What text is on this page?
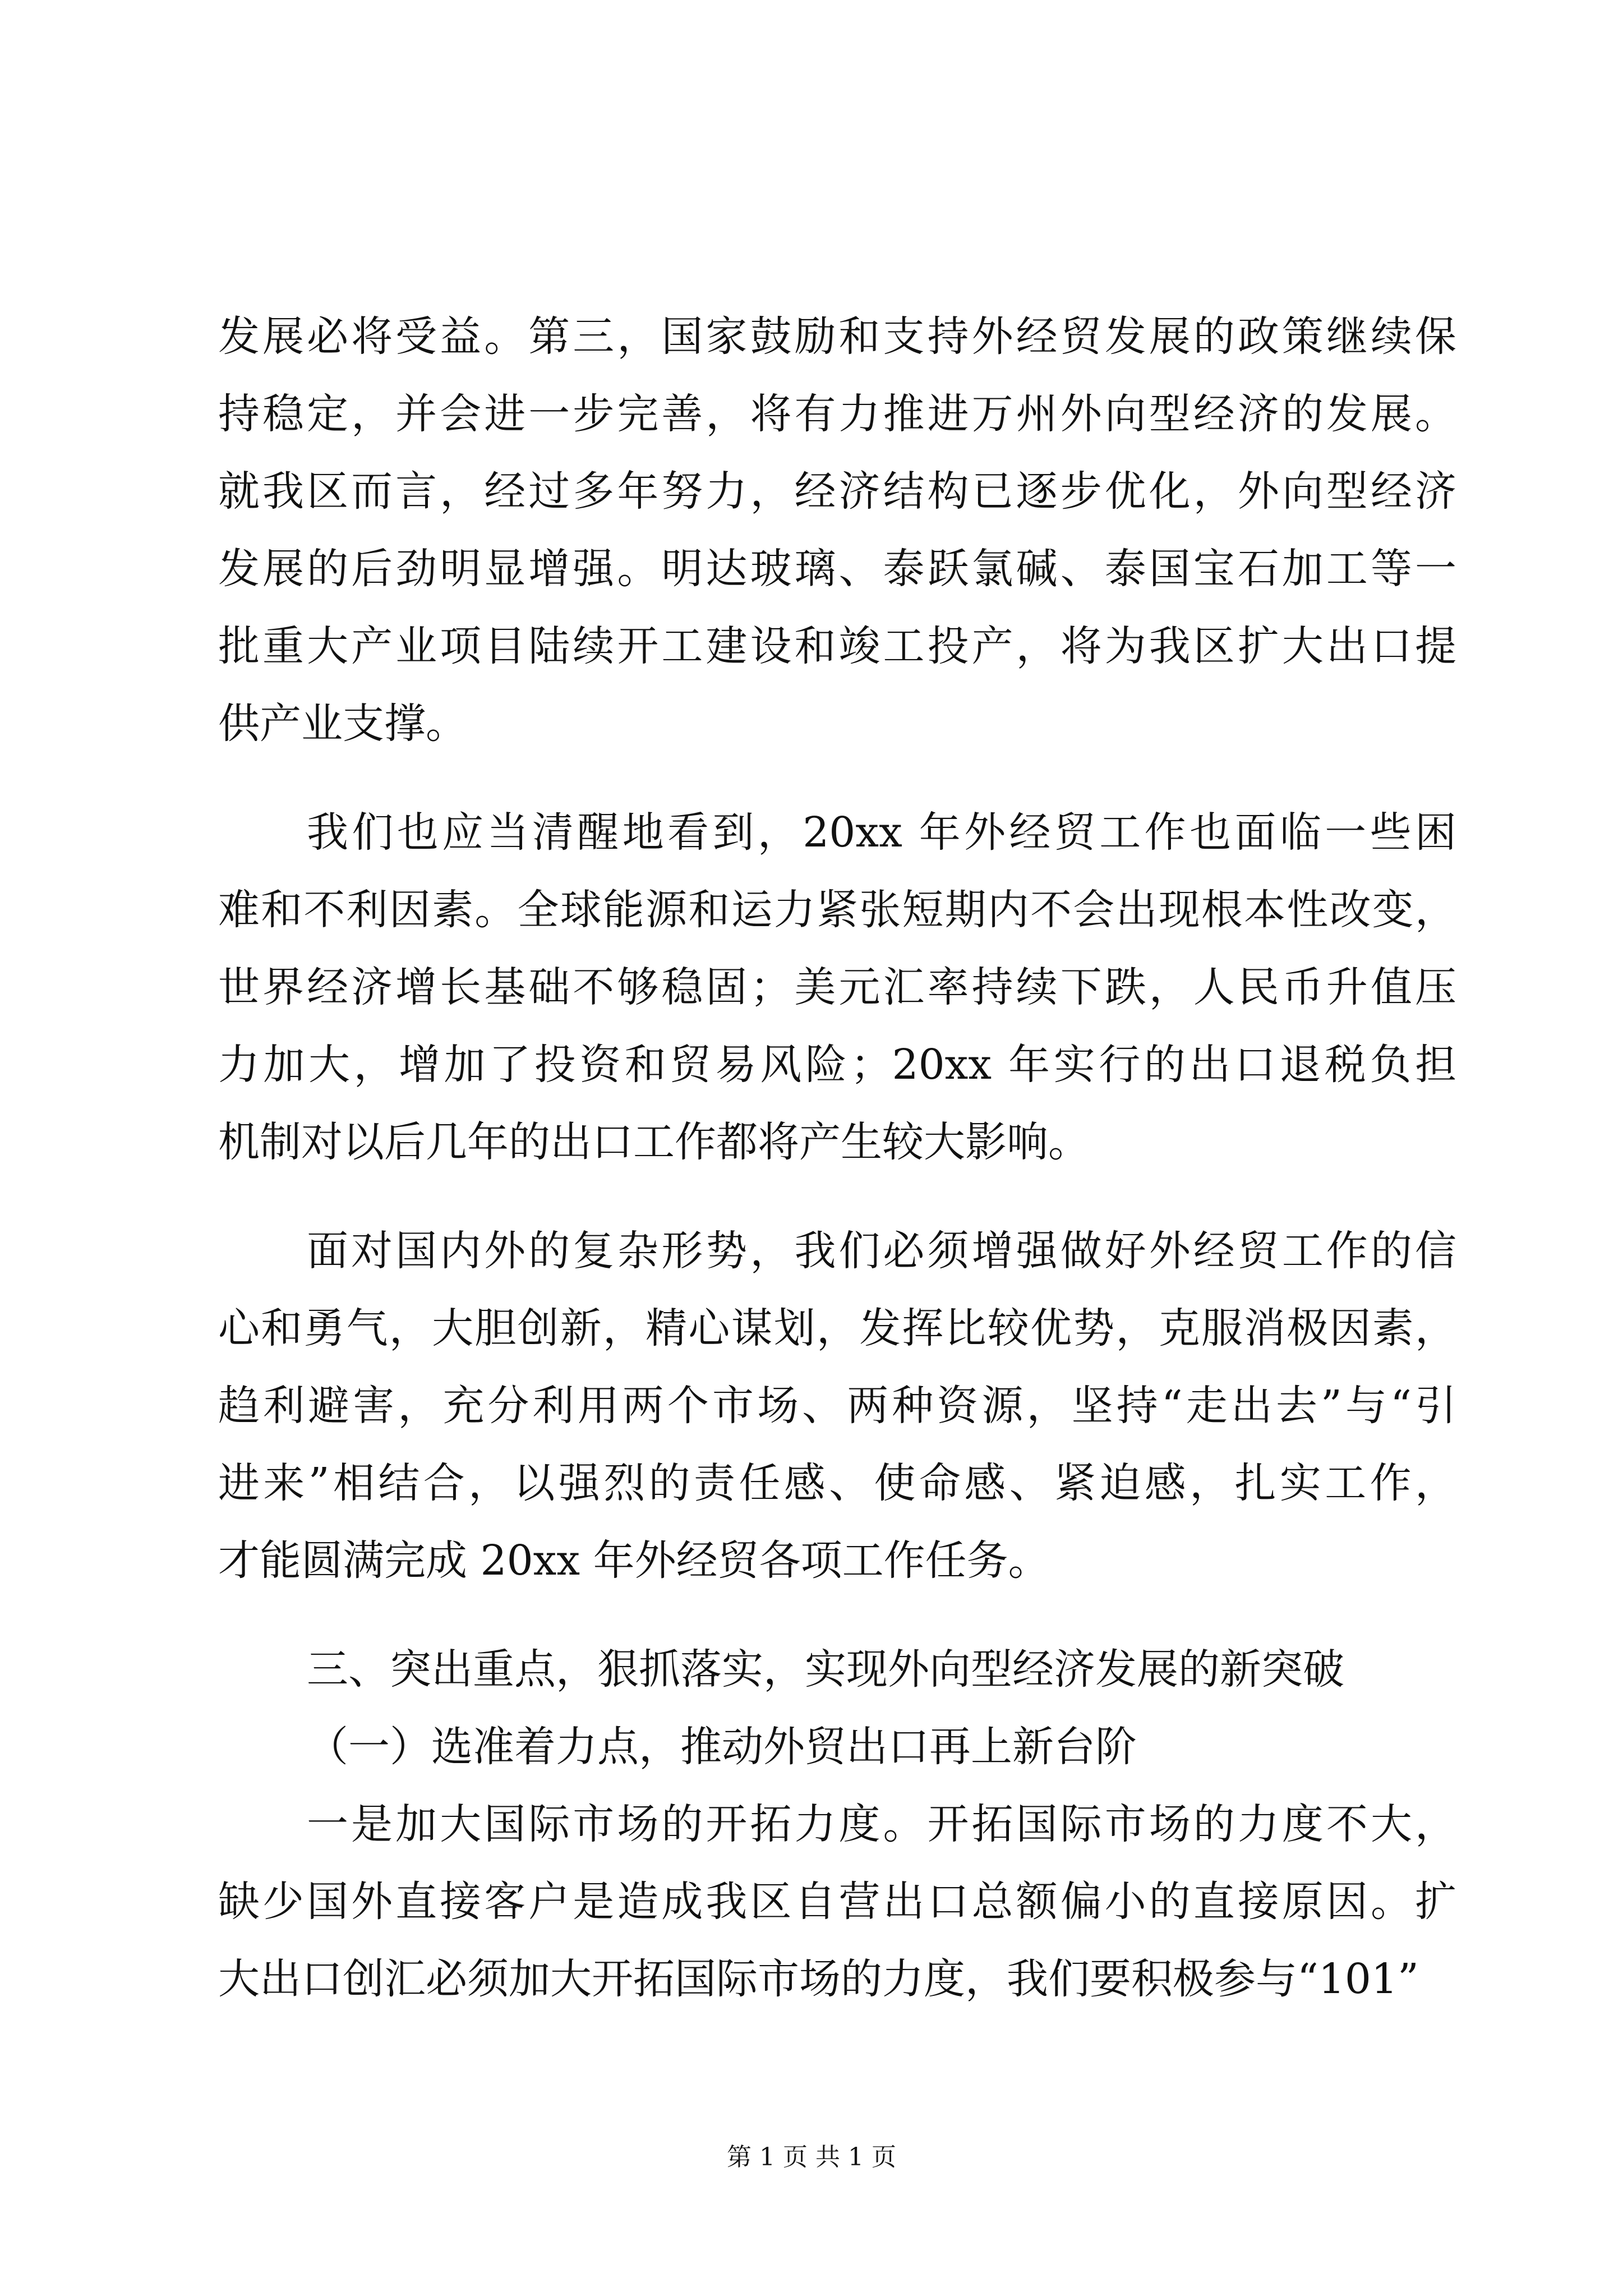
发展必将受益。第三，国家鼓励和支持外经贸发展的政策继续保
持稳定，并会进一步完善，将有力推进万州外向型经济的发展。
就我区而言，经过多年努力，经济结构已逐步优化，外向型经济
发展的后劲明显增强。明达玻璃、泰跃氯碱、泰国宝石加工等一
批重大产业项目陆续开工建设和竣工投产，将为我区扩大出口提
供产业支撑。
我们也应当清醒地看到，20xx 年外经贸工作也面临一些困
难和不利因素。全球能源和运力紧张短期内不会出现根本性改变，
世界经济增长基础不够稳固；美元汇率持续下跌，人民币升值压
力加大，增加了投资和贸易风险；20xx 年实行的出口退税负担
机制对以后几年的出口工作都将产生较大影响。
面对国内外的复杂形势，我们必须增强做好外经贸工作的信
心和勇气，大胆创新，精心谋划，发挥比较优势，克服消极因素，
趋利避害，充分利用两个市场、两种资源，坚持“走出去”与“引
进来”相结合，以强烈的责任感、使命感、紧迫感，扎实工作，
才能圆满完成 20xx 年外经贸各项工作任务。
三、突出重点，狠抓落实，实现外向型经济发展的新突破
（一）选准着力点，推动外贸出口再上新台阶
一是加大国际市场的开拓力度。开拓国际市场的力度不大，
缺少国外直接客户是造成我区自营出口总额偏小的直接原因。扩
大出口创汇必须加大开拓国际市场的力度，我们要积极参与“101”
第 1 页 共 1 页
